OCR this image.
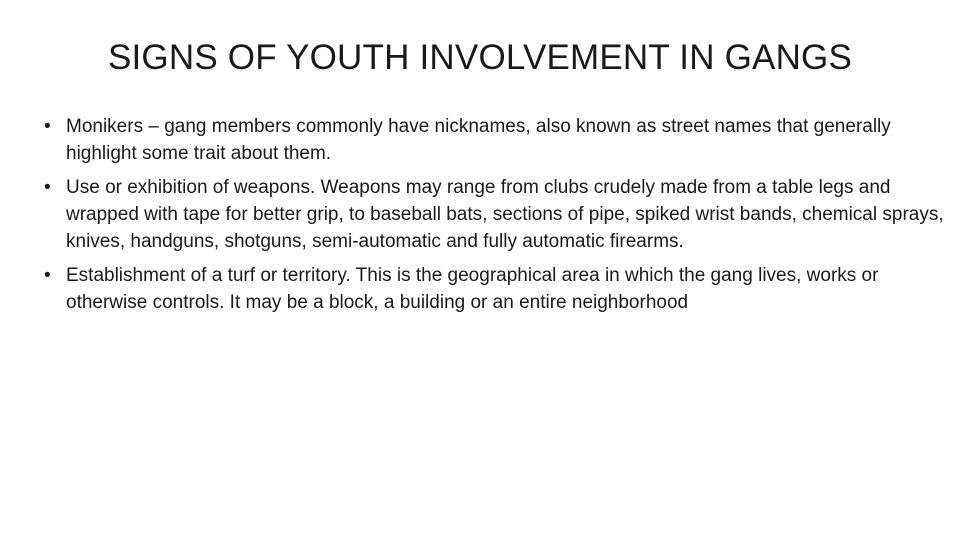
SIGNS OF YOUTH INVOLVEMENT IN GANGS
• Monikers – gang members commonly have nicknames, also known as street names that generally highlight some trait about them.
• Use or exhibition of weapons. Weapons may range from clubs crudely made from a table legs and wrapped with tape for better grip, to baseball bats, sections of pipe, spiked wrist bands, chemical sprays, knives, handguns, shotguns, semi-automatic and fully automatic firearms.
• Establishment of a turf or territory. This is the geographical area in which the gang lives, works or otherwise controls. It may be a block, a building or an entire neighborhood
